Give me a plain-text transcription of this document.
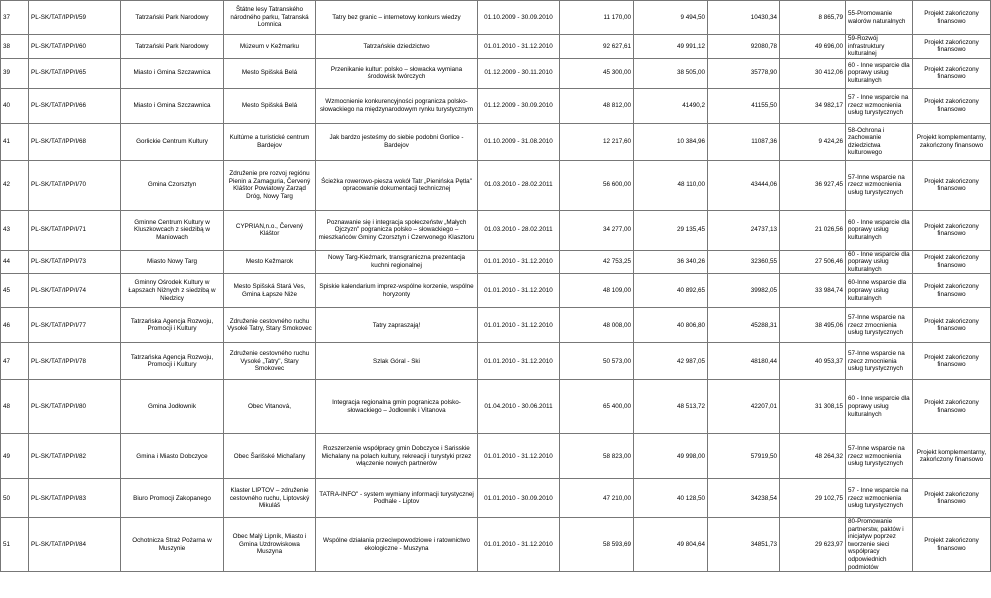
37	PL-SK/TAT/IPP/I/59	Tatrzański Park Narodowy	Štátne lesy Tatranského národného parku, Tatranská Lomnica	Tatry bez granic – internetowy konkurs wiedzy	01.10.2009 - 30.09.2010	11 170,00	9 494,50	10430,34	8 865,79	55-Promowanie walorów naturalnych	Projekt zakończony finansowo
38	PL-SK/TAT/IPP/I/60	Tatrzański Park Narodowy	Múzeum v Kežmarku	Tatrzańskie dziedzictwo	01.01.2010 - 31.12.2010	92 627,61	49 991,12	92080,78	49 696,00	59-Rozwój infrastruktury kulturalnej	Projekt zakończony finansowo
39	PL-SK/TAT/IPP/I/65	Miasto i Gmina Szczawnica	Mesto Spišská Belá	Przenikanie kultur: polsko – słowacka wymiana środowisk twórczych	01.12.2009 - 30.11.2010	45 300,00	38 505,00	35778,90	30 412,06	60 - Inne wsparcie dla poprawy usług kulturalnych	Projekt zakończony finansowo
40	PL-SK/TAT/IPP/I/66	Miasto i Gmina Szczawnica	Mesto Spišská Belá	Wzmocnienie konkurencyjności pogranicza polsko-słowackiego na międzynarodowym rynku turystycznym	01.12.2009 - 30.09.2010	48 812,00	41490,2	41155,50	34 982,17	57 - Inne wsparcie na rzecz wzmocnienia usług turystycznych	Projekt zakończony finansowo
41	PL-SK/TAT/IPP/I/68	Gorlickie Centrum Kultury	Kultúrne a turistické centrum Bardejov	Jak bardzo jesteśmy do siebie podobni Gorlice - Bardejov	01.10.2009 - 31.08.2010	12 217,60	10 384,96	11087,36	9 424,26	58-Ochrona i zachowanie dziedzictwa kulturowego	Projekt komplementarny, zakończony finansowo
42	PL-SK/TAT/IPP/I/70	Gmina Czorsztyn	Združenie pre rozvoj regiónu Pienin a Zamaguria, Červený Kláštor Powiatowy Zarząd Dróg, Nowy Targ	Ścieżka rowerowo-piesza wokół Tatr „Pienińska Pętla" opracowanie dokumentacji technicznej	01.03.2010 - 28.02.2011	56 600,00	48 110,00	43444,06	36 927,45	57-Inne wsparcie na rzecz wzmocnienia usług turystycznych	Projekt zakończony finansowo
43	PL-SK/TAT/IPP/I/71	Gminne Centrum Kultury w Kluszkowcach z siedzibą w Maniowach	CYPRIAN,n.o., Červený Kláštor	Poznawanie się i integracja społeczeństw „Małych Ojczyzn" pogranicza polsko – słowackiego – mieszkańców Gminy Czorsztyn i Czerwonego Klasztoru	01.03.2010 - 28.02.2011	34 277,00	29 135,45	24737,13	21 026,56	60 - Inne wsparcie dla poprawy usług kulturalnych	Projekt zakończony finansowo
44	PL-SK/TAT/IPP/I/73	Miasto Nowy Targ	Mesto Kežmarok	Nowy Targ-Kieżmark, transgraniczna prezentacja kuchni regionalnej	01.01.2010 - 31.12.2010	42 753,25	36 340,26	32360,55	27 506,46	60 - Inne wsparcie dla poprawy usług kulturalnych	Projekt zakończony finansowo
45	PL-SK/TAT/IPP/I/74	Gminny Ośrodek Kultury w Łapszach Niżnych z siedzibą w Niedzicy	Mesto Spišská Stará Ves, Gmina Łapsze Niże	Spiskie kalendarium imprez-wspólne korzenie, wspólne horyzonty	01.01.2010 - 31.12.2010	48 109,00	40 892,65	39982,05	33 984,74	60-Inne wsparcie dla poprawy usług kulturalnych	Projekt zakończony finansowo
46	PL-SK/TAT/IPP/I/77	Tatrzańska Agencja Rozwoju, Promocji i Kultury	Združenie cestovného ruchu Vysoké Tatry, Stary Smokovec	Tatry zapraszają!	01.01.2010 - 31.12.2010	48 008,00	40 806,80	45288,31	38 495,06	57-Inne wsparcie na rzecz zmocnienia usług turystycznych	Projekt zakończony finansowo
47	PL-SK/TAT/IPP/I/78	Tatrzańska Agencja Rozwoju, Promocji i Kultury	Združenie cestovného ruchu Vysoké „Tatry", Stary Smokovec	Szlak Góral - Ski	01.01.2010 - 31.12.2010	50 573,00	42 987,05	48180,44	40 953,37	57-Inne wsparcie na rzecz zmocnienia usług turystycznych	Projekt zakończony finansowo
48	PL-SK/TAT/IPP/I/80	Gmina Jodłownik	Obec Vitanová,	Integracja regionalna gmin pogranicza polsko-słowackiego – Jodłownik i Vitanova	01.04.2010 - 30.06.2011	65 400,00	48 513,72	42207,01	31 308,15	60 - Inne wsparcie dla poprawy usług kulturalnych	Projekt zakończony finansowo
49	PL-SK/TAT/IPP/I/82	Gmina i Miasto Dobczyce	Obec Šarišské Michaľany	Rozszerzenie współpracy gmin Dobczyce i Sarisskie Michalany na polach kultury, rekreacji i turystyki przez włączenie nowych partnerów	01.01.2010 - 31.12.2010	58 823,00	49 998,00	57919,50	48 264,32	57-Inne wsparcie na rzecz wzmocnienia usług turystycznych	Projekt komplementarny, zakończony finansowo
50	PL-SK/TAT/IPP/I/83	Biuro Promocji Zakopanego	Klaster LIPTOV – združenie cestovného ruchu, Liptovský Mikuláš	TATRA-INFO" - system wymiany informacji turystycznej Podhale - Liptov	01.01.2010 - 30.09.2010	47 210,00	40 128,50	34238,54	29 102,75	57 - Inne wsparcie na rzecz wzmocnienia usług turystycznych	Projekt zakończony finansowo
51	PL-SK/TAT/IPP/I/84	Ochotnicza Straż Pożarna w Muszynie	Obec Malý Lipník, Miasto i Gmina Uzdrowiskowa Muszyna	Wspólne działania przeciwpowodziowe i ratownictwo ekologiczne - Muszyna	01.01.2010 - 31.12.2010	58 593,69	49 804,64	34851,73	29 623,97	80-Promowanie partnerstw, paktów i inicjatyw poprzez tworzenie sieci współpracy odpowiednich podmiotów	Projekt zakończony finansowo
